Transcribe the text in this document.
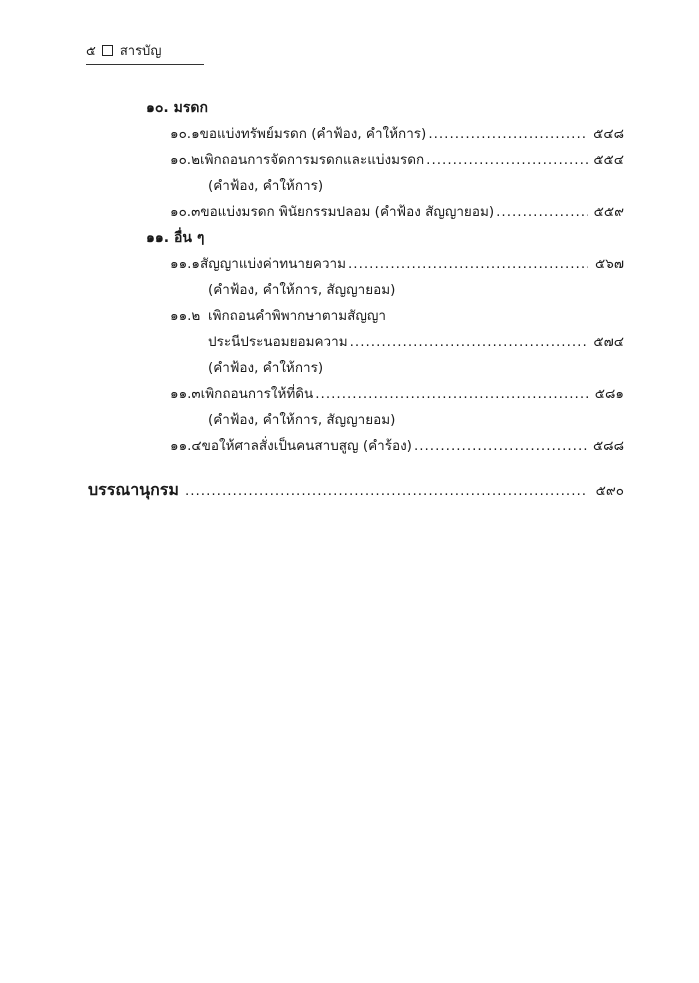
๕ สารบัญ
๑๐. มรดก
๑๐.๑ ขอแบ่งทรัพย์มรดก (คำฟ้อง, คำให้การ) .....	๕๔๘
๑๐.๒ เพิกถอนการจัดการมรดกและแบ่งมรดก .....	๕๕๔
(คำฟ้อง, คำให้การ)
๑๐.๓ ขอแบ่งมรดก พินัยกรรมปลอม (คำฟ้อง สัญญายอม) .....	๕๕๙
๑๑. อื่น ๆ
๑๑.๑ สัญญาแบ่งค่าทนายความ .....	๕๖๗
(คำฟ้อง, คำให้การ, สัญญายอม)
๑๑.๒ เพิกถอนคำพิพากษาตามสัญญา
ประนีประนอมยอมความ .....	๕๗๔
(คำฟ้อง, คำให้การ)
๑๑.๓ เพิกถอนการให้ที่ดิน .....	๕๘๑
(คำฟ้อง, คำให้การ, สัญญายอม)
๑๑.๔ ขอให้ศาลสั่งเป็นคนสาบสูญ (คำร้อง) .....	๕๘๘
บรรณานุกรม .....	๕๙๐
